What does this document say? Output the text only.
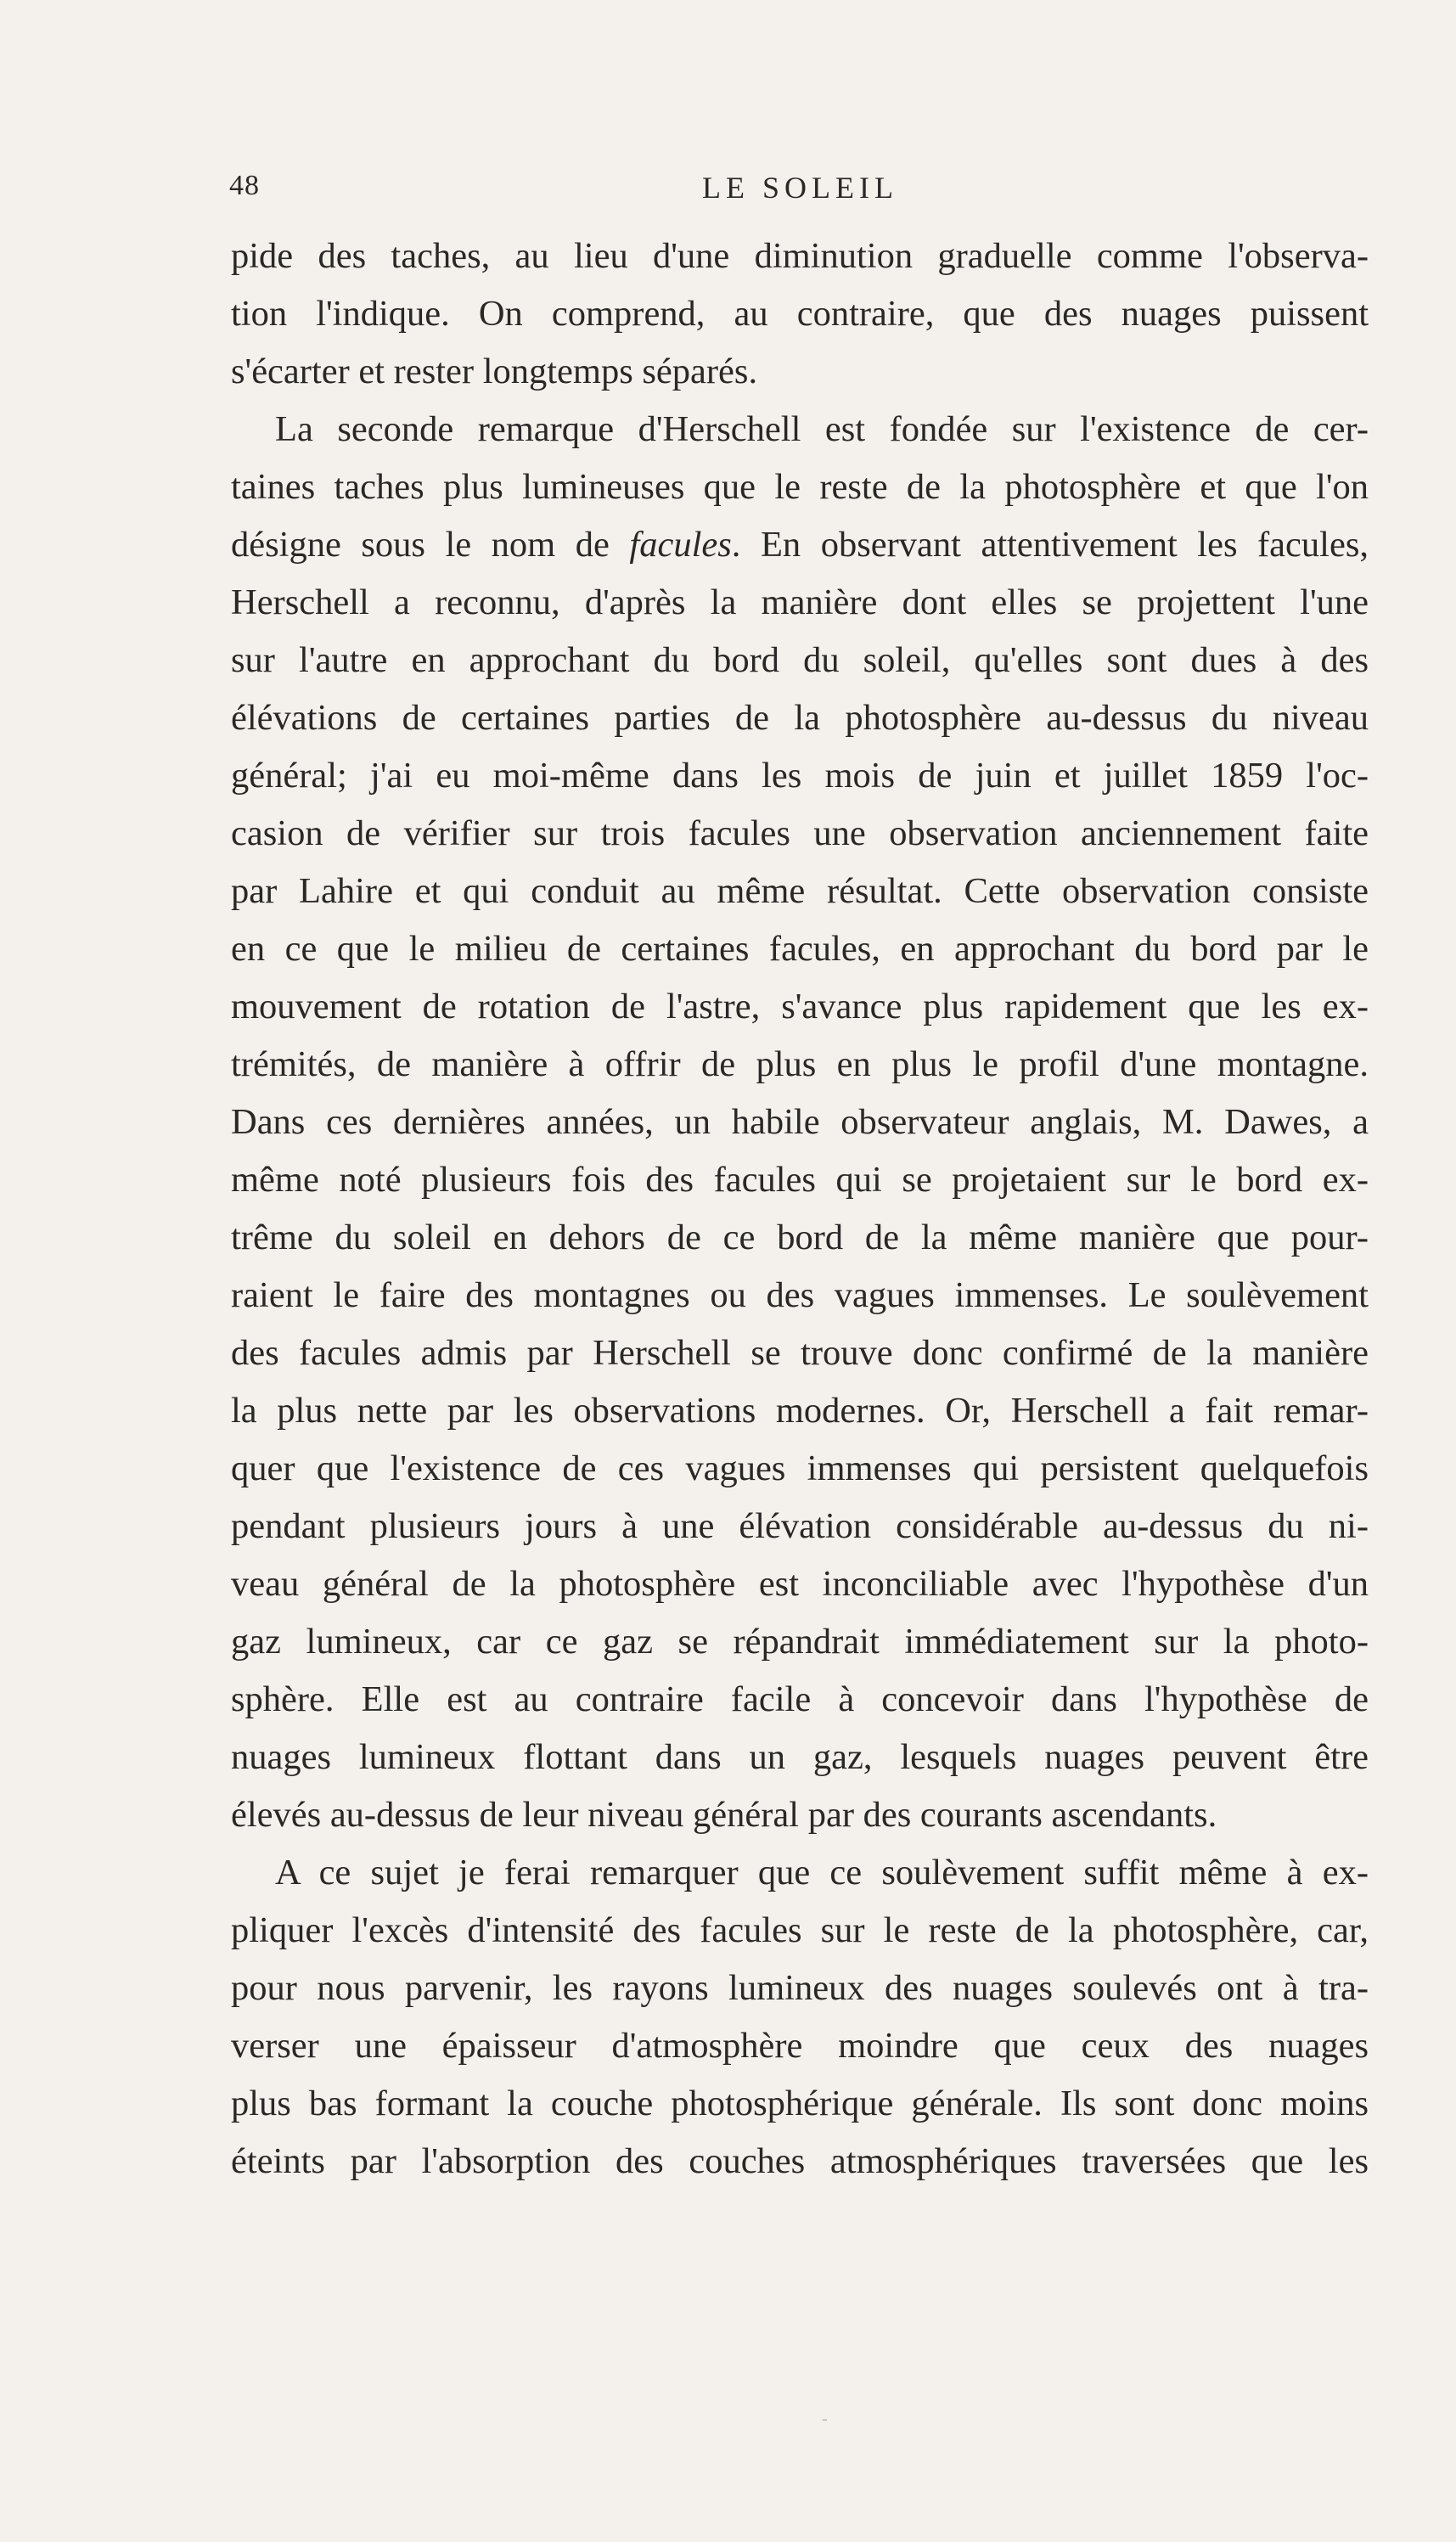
48	LE SOLEIL
pide des taches, au lieu d'une diminution graduelle comme l'observa-
tion l'indique. On comprend, au contraire, que des nuages puissent
s'écarter et rester longtemps séparés.
La seconde remarque d'Herschell est fondée sur l'existence de cer-
taines taches plus lumineuses que le reste de la photosphère et que l'on
désigne sous le nom de facules. En observant attentivement les facules,
Herschell a reconnu, d'après la manière dont elles se projettent l'une
sur l'autre en approchant du bord du soleil, qu'elles sont dues à des
élévations de certaines parties de la photosphère au-dessus du niveau
général; j'ai eu moi-même dans les mois de juin et juillet 1859 l'oc-
casion de vérifier sur trois facules une observation anciennement faite
par Lahire et qui conduit au même résultat. Cette observation consiste
en ce que le milieu de certaines facules, en approchant du bord par le
mouvement de rotation de l'astre, s'avance plus rapidement que les ex-
trémités, de manière à offrir de plus en plus le profil d'une montagne.
Dans ces dernières années, un habile observateur anglais, M. Dawes, a
même noté plusieurs fois des facules qui se projetaient sur le bord ex-
trême du soleil en dehors de ce bord de la même manière que pour-
raient le faire des montagnes ou des vagues immenses. Le soulèvement
des facules admis par Herschell se trouve donc confirmé de la manière
la plus nette par les observations modernes. Or, Herschell a fait remar-
quer que l'existence de ces vagues immenses qui persistent quelquefois
pendant plusieurs jours à une élévation considérable au-dessus du ni-
veau général de la photosphère est inconciliable avec l'hypothèse d'un
gaz lumineux, car ce gaz se répandrait immédiatement sur la photo-
sphère. Elle est au contraire facile à concevoir dans l'hypothèse de
nuages lumineux flottant dans un gaz, lesquels nuages peuvent être
élevés au-dessus de leur niveau général par des courants ascendants.
A ce sujet je ferai remarquer que ce soulèvement suffit même à ex-
pliquer l'excès d'intensité des facules sur le reste de la photosphère, car,
pour nous parvenir, les rayons lumineux des nuages soulevés ont à tra-
verser une épaisseur d'atmosphère moindre que ceux des nuages
plus bas formant la couche photosphérique générale. Ils sont donc moins
éteints par l'absorption des couches atmosphériques traversées que les
-
